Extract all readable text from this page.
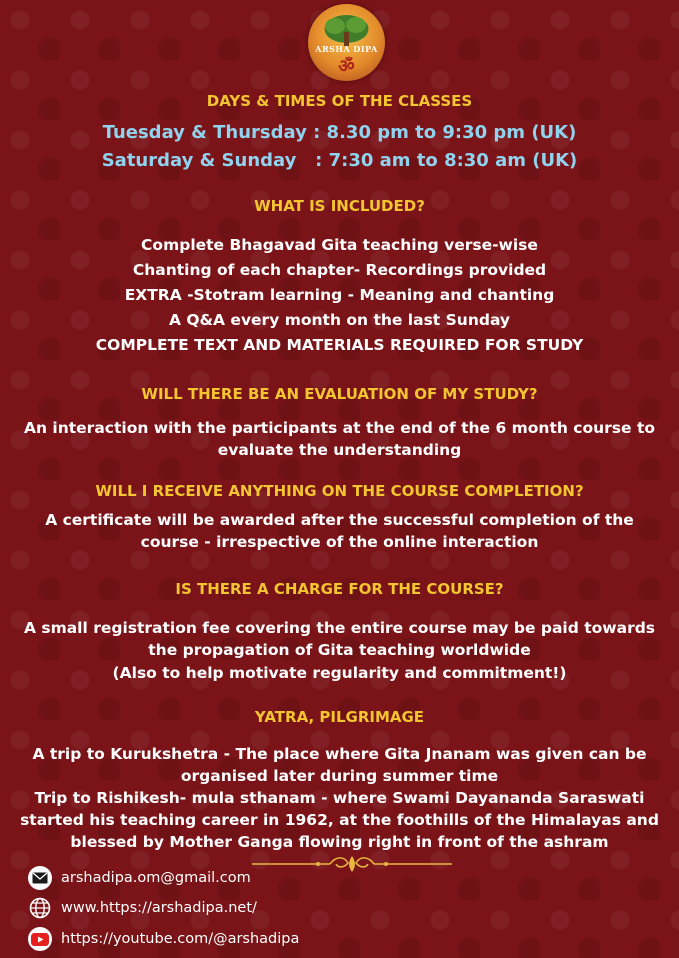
ॐ
ARSHA DIPA
DAYS & TIMES OF THE CLASSES
Tuesday & Thursday : 8.30 pm to 9:30 pm (UK)
Saturday & Sunday   : 7:30 am to 8:30 am (UK)
WHAT IS INCLUDED?
Complete Bhagavad Gita teaching verse-wise
Chanting of each chapter- Recordings provided
EXTRA -Stotram learning - Meaning and chanting
A Q&A every month on the last Sunday
COMPLETE TEXT AND MATERIALS REQUIRED FOR STUDY
WILL THERE BE AN EVALUATION OF MY STUDY?
An interaction with the participants at the end of the 6 month course to evaluate the understanding
WILL I RECEIVE ANYTHING ON THE COURSE COMPLETION?
A certificate will be awarded after the successful completion of the course - irrespective of the online interaction
IS THERE A CHARGE FOR THE COURSE?
A small registration fee covering the entire course may be paid towards the propagation of Gita teaching worldwide
(Also to help motivate regularity and commitment!)
YATRA, PILGRIMAGE
A trip to Kurukshetra - The place where Gita Jnanam was given can be organised later during summer time
Trip to Rishikesh- mula sthanam - where Swami Dayananda Saraswati started his teaching career in 1962, at the foothills of the Himalayas and blessed by Mother Ganga flowing right in front of the ashram
arshadipa.om@gmail.com
www.https://arshadipa.net/
https://youtube.com/@arshadipa
